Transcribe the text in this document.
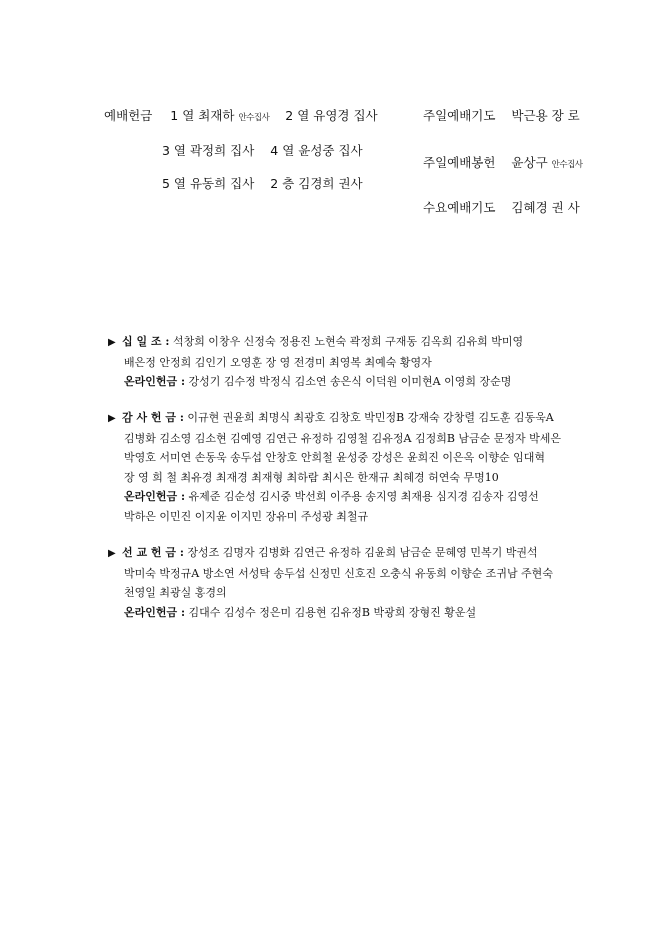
예배헌금 1 열 최재하 안수집사 2 열 유영경 집사
3 열 곽정희 집사 4 열 윤성중 집사
5 열 유동희 집사 2 층 김경희 권사
주일예배기도 박근용 장 로
주일예배봉헌 윤상구 안수집사
수요예배기도 김혜경 권 사

▶ 십 일 조 : 석창희 이창우 신정숙 정용진 노현숙 곽정희 구재동 김옥희 김유희 박미영

배은정 안정희 김인기 오영훈 장 영 전경미 최영복 최예숙 황영자

온라인헌금 : 강성기 김수정 박정식 김소연 송은식 이덕원 이미현A 이영희 장순명

▶ 감 사 헌 금 : 이규현 권윤희 최명식 최광호 김창호 박민정B 강재숙 강창렬 김도훈 김동욱A

김병화 김소영 김소현 김예영 김연근 유정하 김영철 김유정A 김정희B 남금순 문정자 박세은

박영호 서미연 손동욱 송두섭 안창호 안희철 윤성중 강성은 윤희진 이은옥 이향순 임대혁

장 영 희 철 최유경 최재경 최재형 최하람 최시은 한재규 최혜경 허연숙 무명10

온라인헌금 : 유제준 김순성 김시중 박선희 이주용 송지영 최재용 심지경 김송자 김영선

박하은 이민진 이지윤 이지민 장유미 주성광 최철규

▶ 선 교 헌 금 : 장성조 김명자 김병화 김연근 유정하 김윤희 남금순 문혜영 민복기 박권석

박미숙 박정규A 방소연 서성탁 송두섭 신정민 신호진 오충식 유동희 이향순 조귀남 주현숙

천영일 최광실 홍경의

온라인헌금 : 김대수 김성수 정은미 김용현 김유정B 박광희 장형진 황운설
